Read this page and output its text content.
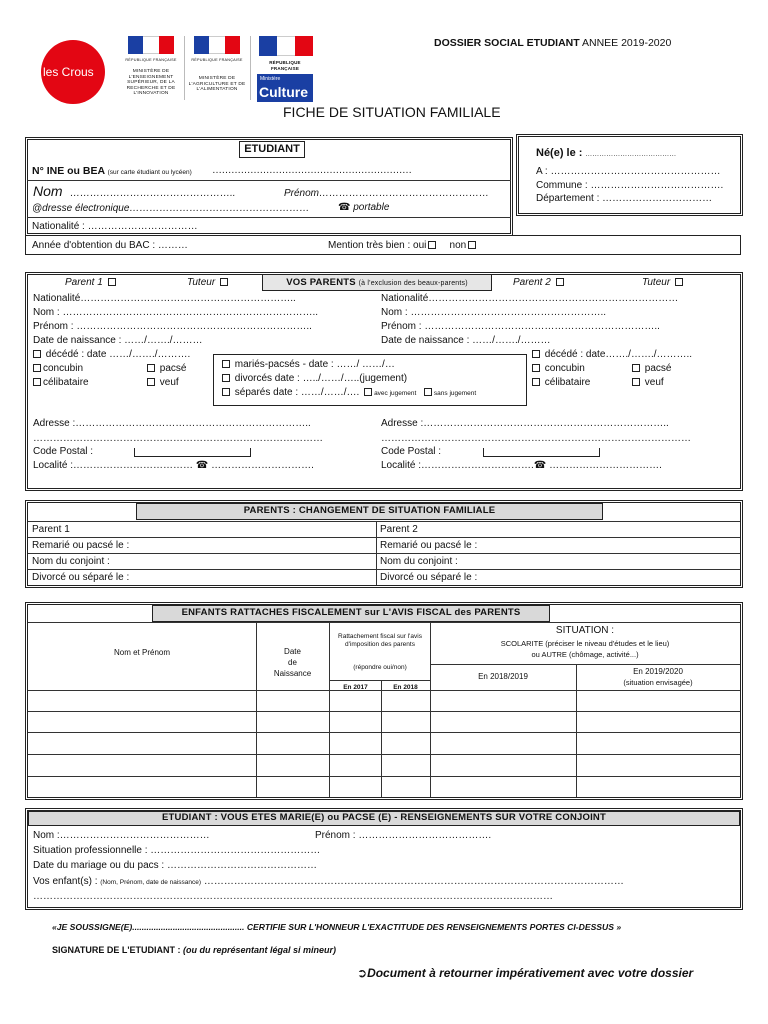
les Crous
RÉPUBLIQUE FRANÇAISE
MINISTÈRE DE L'ENSEIGNEMENT SUPÉRIEUR, DE LA RECHERCHE ET DE L'INNOVATION
RÉPUBLIQUE FRANÇAISE
MINISTÈRE DE L'AGRICULTURE ET DE L'ALIMENTATION
RÉPUBLIQUE FRANÇAISE
Ministère
Culture
DOSSIER SOCIAL ETUDIANT ANNEE 2019-2020
FICHE DE SITUATION FAMILIALE
ETUDIANT
N° INE ou BEA (sur carte étudiant ou lycéen) ………………………………………………………
Nom …………………………………………..	Prénom……………………………………………
@dresse électronique………………………………………………	☎ portable
Nationalité : ……………………………
Année d'obtention du BAC : ………	Mention très bien : oui non
Né(e) le : …………………………………
A : ……………………………………………
Commune : ………………………………….
Département : ……………………………
VOS PARENTS (à l'exclusion des beaux-parents)
Parent 1	Tuteur	Parent 2	Tuteur
Nationalité………………………………………………………..
Nom : …………………………………………………………………..
Prénom : ……………………………………………………………..
Date de naissance : ……/……./………
décédé : date ……/……./……….
concubin	pacsé
célibataire	veuf
mariés-pacsés - date : ……/ ……/…
divorcés date : …../……/…..(jugement)
séparés date : ……/……/…. avec jugement	sans jugement
Nationalité…………………………………………………………………
Nom : …………………………………………………..
Prénom : ……………………………………………………………..
Date de naissance : ……/……./………
décédé : date……./……./………..
concubin	pacsé
célibataire	veuf
Adresse :……………………………………………………………..
……………………………………………………………………………
Code Postal :
Localité :……………………………… ☎ ………………………….
Adresse :………………………………………………………………..
…………………………………………………………………………………
Code Postal :
Localité :…………………………….☎ …………………………….
PARENTS : CHANGEMENT DE SITUATION FAMILIALE
Parent 1	Parent 2
Remarié ou pacsé le :	Remarié ou pacsé le :
Nom du conjoint :	Nom du conjoint :
Divorcé ou séparé le :	Divorcé ou séparé le :
ENFANTS RATTACHES FISCALEMENT sur L'AVIS FISCAL des PARENTS
Nom et Prénom	Date
de
Naissance
Rattachement fiscal sur l'avis d'imposition des parents
(répondre oui/non)
En 2017	En 2018
SITUATION :
SCOLARITE (préciser le niveau d'études et le lieu)
ou AUTRE (chômage, activité...)
En 2018/2019
En 2019/2020
(situation envisagée)
ETUDIANT : VOUS ETES MARIE(E) ou PACSE (E) - RENSEIGNEMENTS SUR VOTRE CONJOINT
Nom :………………………………………	Prénom : ………………………………….
Situation professionnelle : ……………………………………………
Date du mariage ou du pacs : ………………………………………
Vos enfant(s) : (Nom, Prénom, date de naissance) ………………………………………………………………………………………………………………
…………………………………………………………………………………………………………………………………………
«JE SOUSSIGNE(E)............................................... CERTIFIE SUR L'HONNEUR L'EXACTITUDE DES RENSEIGNEMENTS PORTES CI-DESSUS »
SIGNATURE DE L'ETUDIANT : (ou du représentant légal si mineur)
➲Document à retourner impérativement avec votre dossier
